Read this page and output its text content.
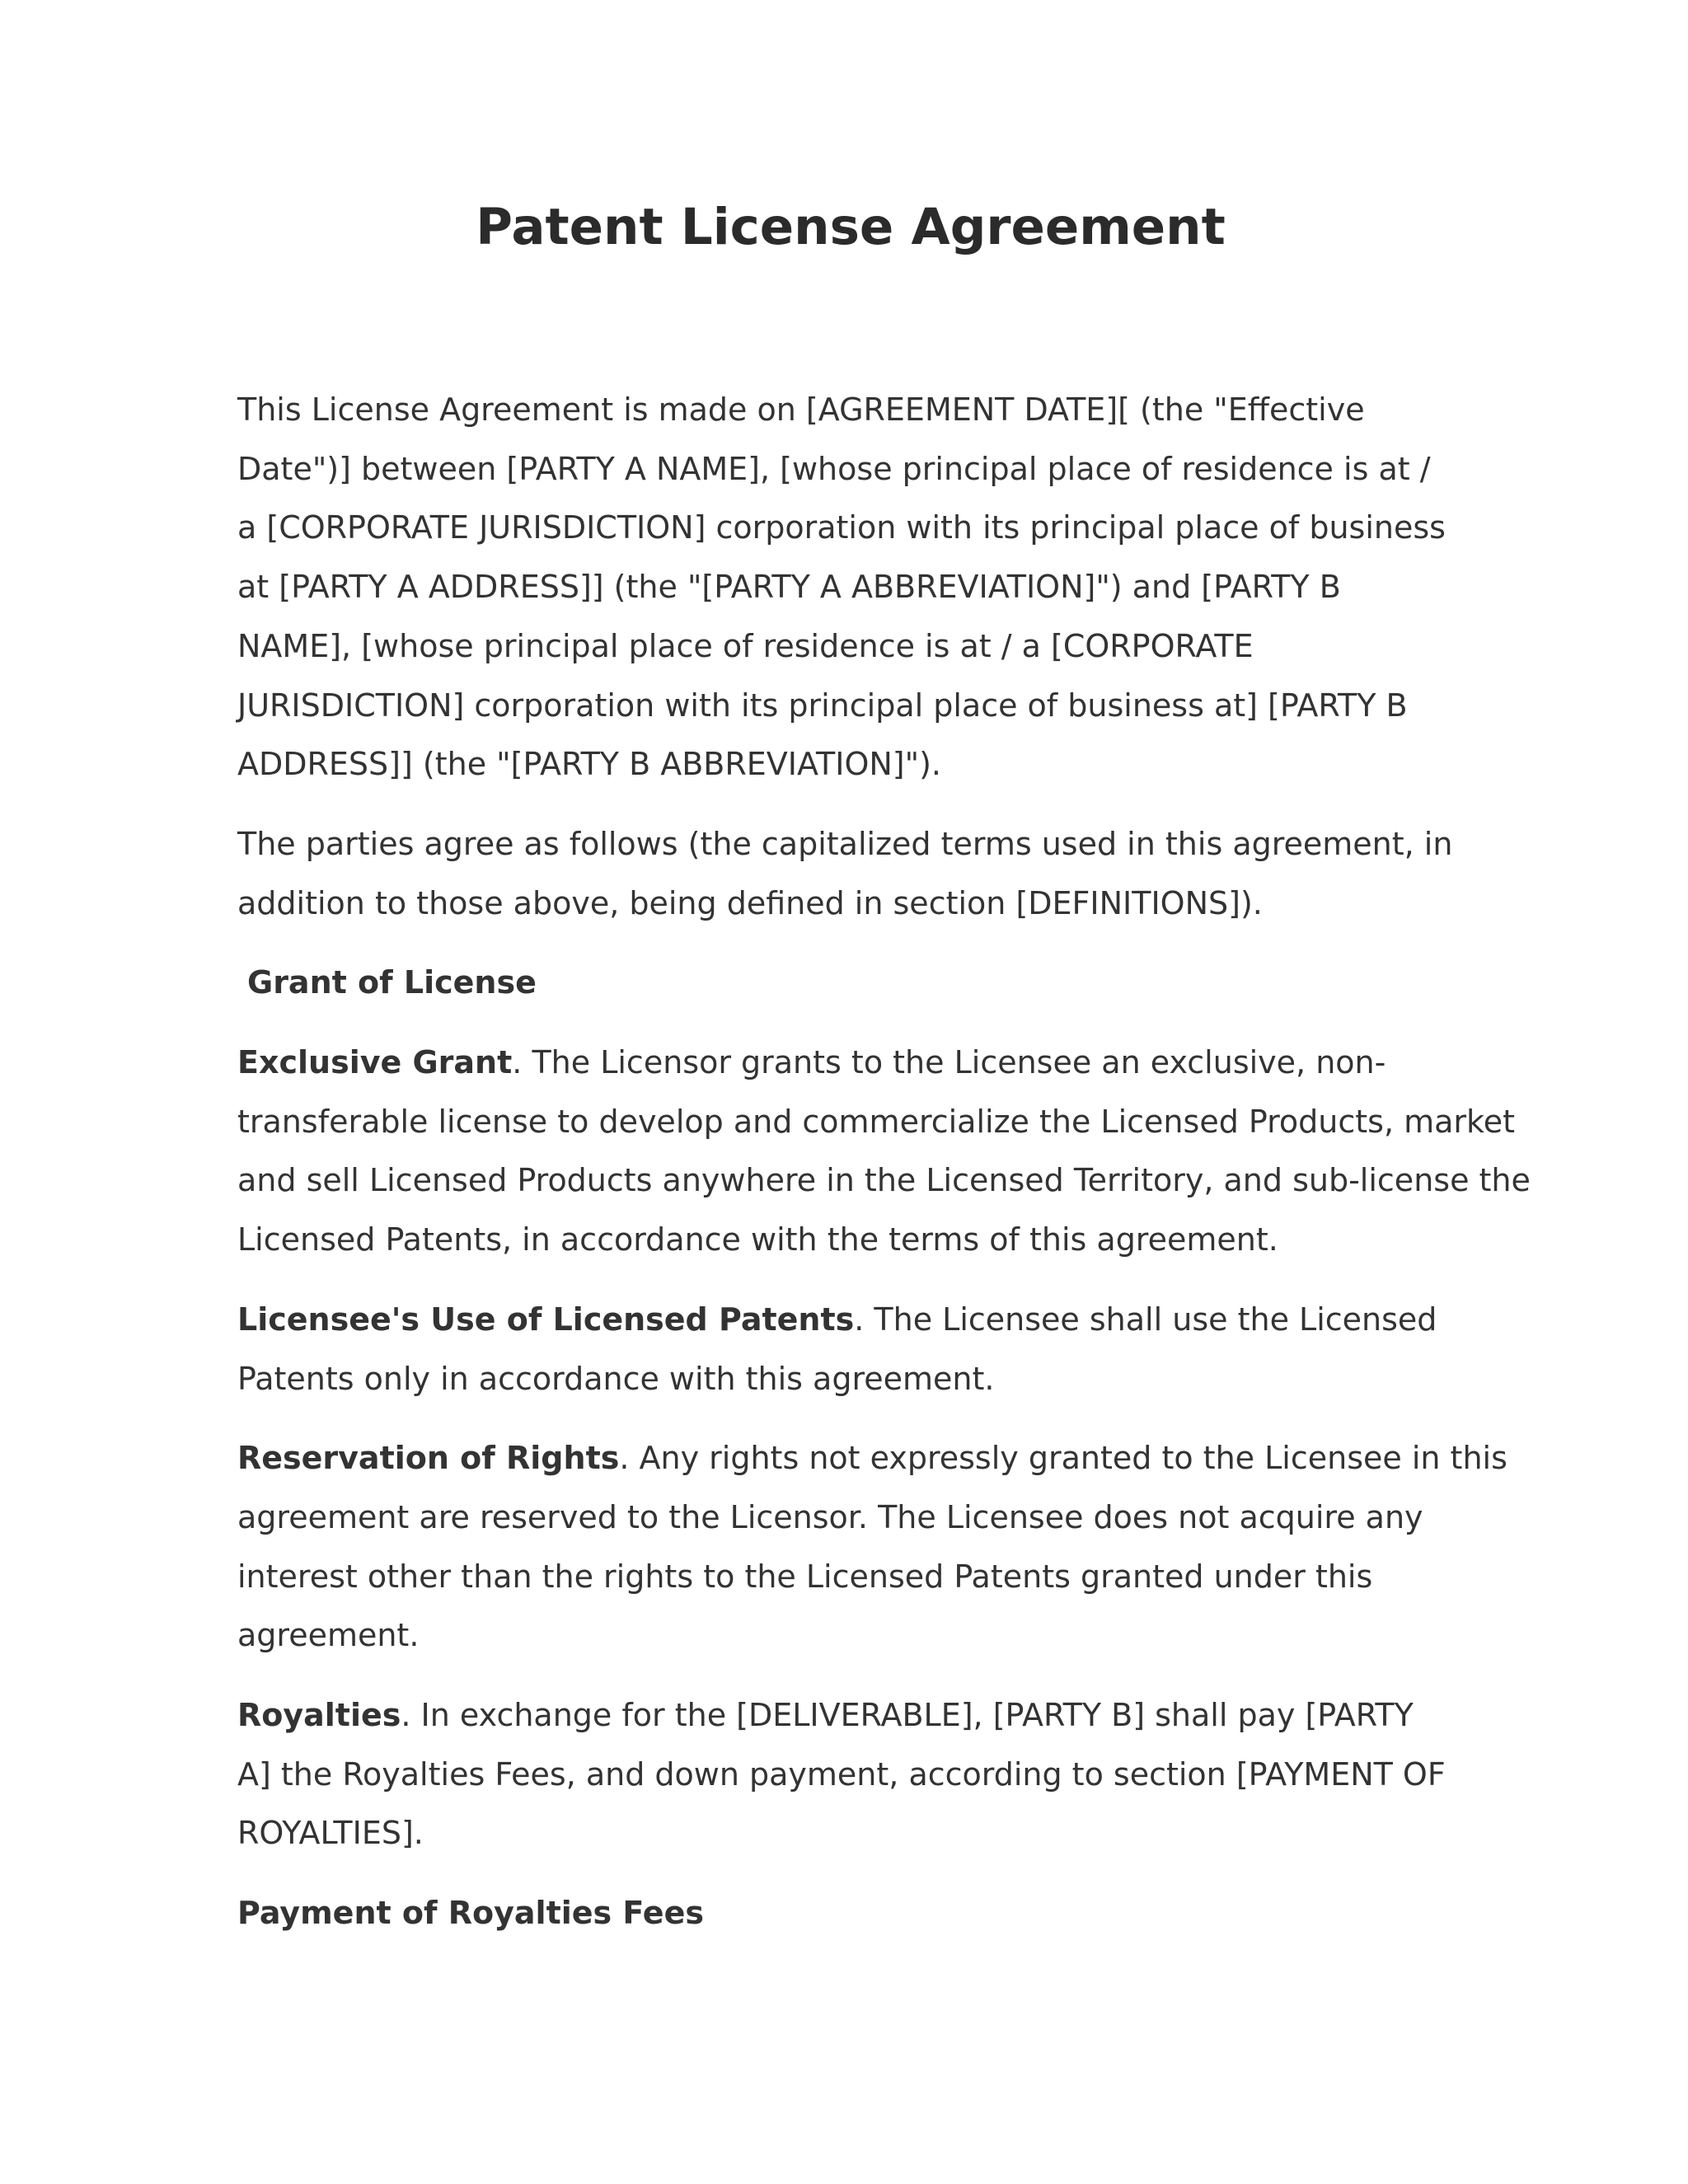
Patent License Agreement

This License Agreement is made on [AGREEMENT DATE][ (the "Effective
Date")] between [PARTY A NAME], [whose principal place of residence is at /
a [CORPORATE JURISDICTION] corporation with its principal place of business
at [PARTY A ADDRESS]] (the "[PARTY A ABBREVIATION]") and [PARTY B
NAME], [whose principal place of residence is at / a [CORPORATE
JURISDICTION] corporation with its principal place of business at] [PARTY B
ADDRESS]] (the "[PARTY B ABBREVIATION]").

The parties agree as follows (the capitalized terms used in this agreement, in
addition to those above, being defined in section [DEFINITIONS]).

Grant of License

Exclusive Grant. The Licensor grants to the Licensee an exclusive, non-
transferable license to develop and commercialize the Licensed Products, market
and sell Licensed Products anywhere in the Licensed Territory, and sub-license the
Licensed Patents, in accordance with the terms of this agreement.

Licensee's Use of Licensed Patents. The Licensee shall use the Licensed
Patents only in accordance with this agreement.

Reservation of Rights. Any rights not expressly granted to the Licensee in this
agreement are reserved to the Licensor. The Licensee does not acquire any
interest other than the rights to the Licensed Patents granted under this
agreement.

Royalties. In exchange for the [DELIVERABLE], [PARTY B] shall pay [PARTY
A] the Royalties Fees, and down payment, according to section [PAYMENT OF
ROYALTIES].

Payment of Royalties Fees
